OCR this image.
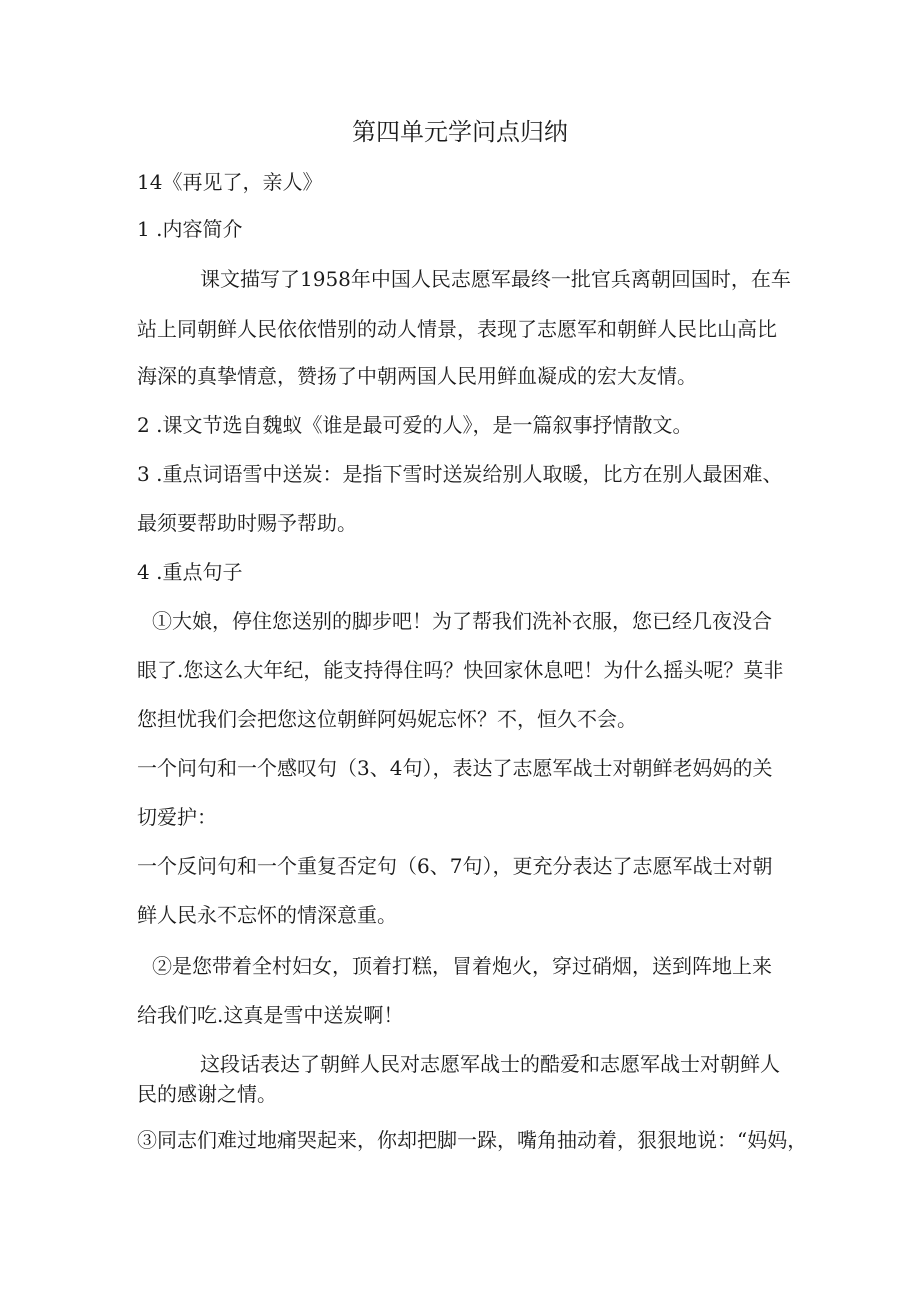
第四单元学问点归纳

14《再见了，亲人》

1 .内容简介

课文描写了1958年中国人民志愿军最终一批官兵离朝回国时，在车

站上同朝鲜人民依依惜别的动人情景，表现了志愿军和朝鲜人民比山高比

海深的真挚情意，赞扬了中朝两国人民用鲜血凝成的宏大友情。

2 .课文节选自魏蚁《谁是最可爱的人》，是一篇叙事抒情散文。

3 .重点词语雪中送炭：是指下雪时送炭给别人取暖，比方在别人最困难、

最须要帮助时赐予帮助。

4 .重点句子

①大娘，停住您送别的脚步吧！为了帮我们洗补衣服，您已经几夜没合

眼了.您这么大年纪，能支持得住吗？快回家休息吧！为什么摇头呢？莫非

您担忧我们会把您这位朝鲜阿妈妮忘怀？不，恒久不会。

一个问句和一个感叹句（3、4句），表达了志愿军战士对朝鲜老妈妈的关

切爱护：

一个反问句和一个重复否定句（6、7句），更充分表达了志愿军战士对朝

鲜人民永不忘怀的情深意重。

②是您带着全村妇女，顶着打糕，冒着炮火，穿过硝烟，送到阵地上来

给我们吃.这真是雪中送炭啊！

这段话表达了朝鲜人民对志愿军战士的酷爱和志愿军战士对朝鲜人

民的感谢之情。

③同志们难过地痛哭起来，你却把脚一跺，嘴角抽动着，狠狠地说：“妈妈，
